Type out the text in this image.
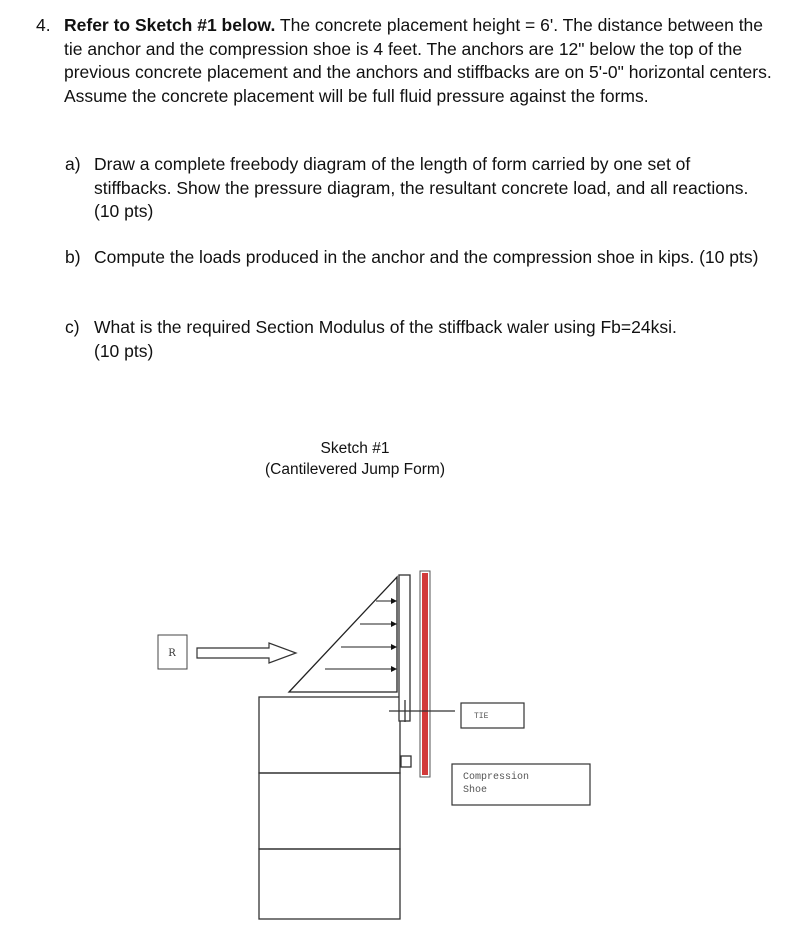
4. Refer to Sketch #1 below. The concrete placement height = 6'. The distance between the tie anchor and the compression shoe is 4 feet. The anchors are 12" below the top of the previous concrete placement and the anchors and stiffbacks are on 5'-0" horizontal centers. Assume the concrete placement will be full fluid pressure against the forms.
a) Draw a complete freebody diagram of the length of form carried by one set of stiffbacks. Show the pressure diagram, the resultant concrete load, and all reactions. (10 pts)
b) Compute the loads produced in the anchor and the compression shoe in kips. (10 pts)
c) What is the required Section Modulus of the stiffback waler using Fb=24ksi. (10 pts)
Sketch #1
(Cantilevered Jump Form)
R
TIE
Compression
Shoe
